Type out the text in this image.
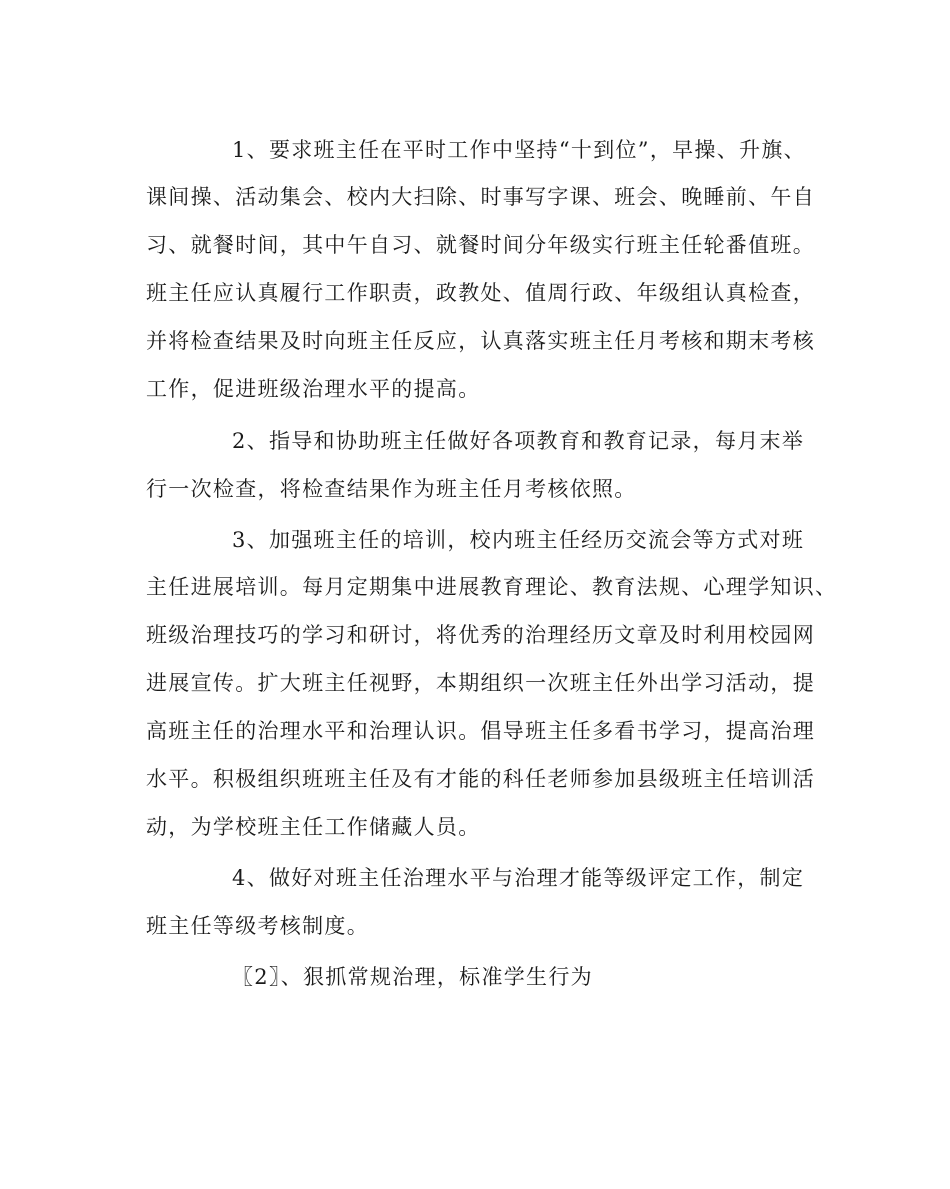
1、要求班主任在平时工作中坚持“十到位”，早操、升旗、
课间操、活动集会、校内大扫除、时事写字课、班会、晚睡前、午自
习、就餐时间，其中午自习、就餐时间分年级实行班主任轮番值班。
班主任应认真履行工作职责，政教处、值周行政、年级组认真检查，
并将检查结果及时向班主任反应，认真落实班主任月考核和期末考核
工作，促进班级治理水平的提高。
2、指导和协助班主任做好各项教育和教育记录，每月末举
行一次检查，将检查结果作为班主任月考核依照。
3、加强班主任的培训，校内班主任经历交流会等方式对班
主任进展培训。每月定期集中进展教育理论、教育法规、心理学知识、
班级治理技巧的学习和研讨，将优秀的治理经历文章及时利用校园网
进展宣传。扩大班主任视野，本期组织一次班主任外出学习活动，提
高班主任的治理水平和治理认识。倡导班主任多看书学习，提高治理
水平。积极组织班班主任及有才能的科任老师参加县级班主任培训活
动，为学校班主任工作储藏人员。
4、做好对班主任治理水平与治理才能等级评定工作，制定
班主任等级考核制度。
〖2〗、狠抓常规治理，标准学生行为
